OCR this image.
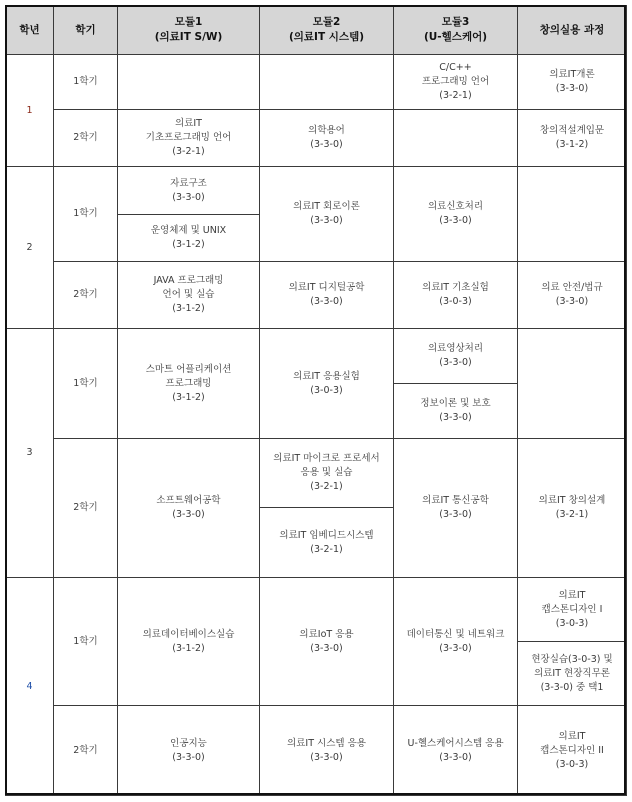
학년	학기
모듈1
(의료IT S/W)
모듈2
(의료IT 시스템)
모듈3
(U-헬스케어)
창의실용 과정
1
1학기
C/C++
프로그래밍 언어
(3-2-1)
의료IT개론
(3-3-0)
2학기
의료IT
기초프로그래밍 언어
(3-2-1)
의학용어
(3-3-0)
창의적설계입문
(3-1-2)
2
1학기
자료구조
(3-3-0)
운영체제 및 UNIX
(3-1-2)
의료IT 회로이론
(3-3-0)
의료신호처리
(3-3-0)
2학기
JAVA 프로그래밍
언어 및 실습
(3-1-2)
의료IT 디지털공학
(3-3-0)
의료IT 기초실험
(3-0-3)
의료 안전/법규
(3-3-0)
3
1학기
스마트 어플리케이션
프로그래밍
(3-1-2)
의료IT 응용실험
(3-0-3)
의료영상처리
(3-3-0)
정보이론 및 보호
(3-3-0)
2학기
소프트웨어공학
(3-3-0)
의료IT 마이크로 프로세서
응용 및 실습
(3-2-1)
의료IT 임베디드시스템
(3-2-1)
의료IT 통신공학
(3-3-0)
의료IT 창의설계
(3-2-1)
4
1학기
의료데이터베이스실습
(3-1-2)
의료IoT 응용
(3-3-0)
데이터통신 및 네트워크
(3-3-0)
의료IT
캡스톤디자인 I
(3-0-3)
현장실습(3-0-3) 및
의료IT 현장직무론
(3-3-0) 중 택1
2학기
인공지능
(3-3-0)
의료IT 시스템 응용
(3-3-0)
U-헬스케어시스템 응용
(3-3-0)
의료IT
캡스톤디자인 II
(3-0-3)
